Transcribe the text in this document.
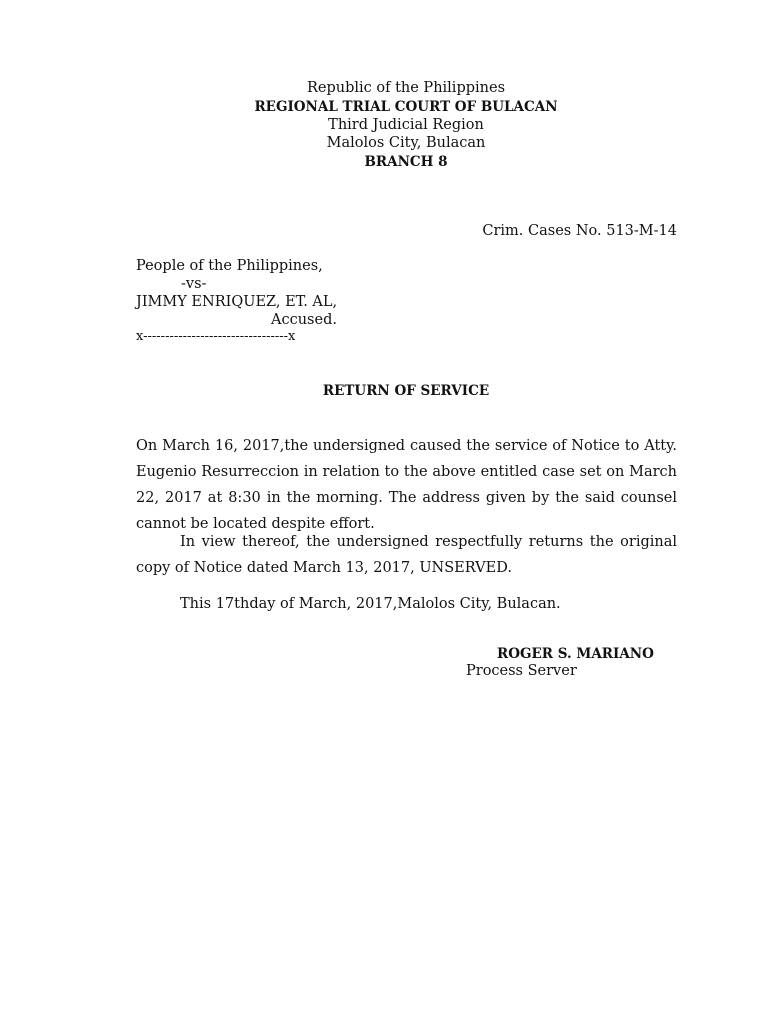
Republic of the Philippines
REGIONAL TRIAL COURT OF BULACAN
Third Judicial Region
Malolos City, Bulacan
BRANCH 8
Crim. Cases No. 513-M-14
People of the Philippines,
-vs-
JIMMY ENRIQUEZ, ET. AL,
Accused.
x---------------------------------x
RETURN OF SERVICE
On March 16, 2017,the undersigned caused the service of Notice to Atty. Eugenio Resurreccion in relation to the above entitled case set on March 22, 2017 at 8:30 in the morning. The address given by the said counsel cannot be located despite effort.
In view thereof, the undersigned respectfully returns the original copy of Notice dated March 13, 2017, UNSERVED.
This 17thday of March, 2017,Malolos City, Bulacan.
ROGER S. MARIANO
Process Server
